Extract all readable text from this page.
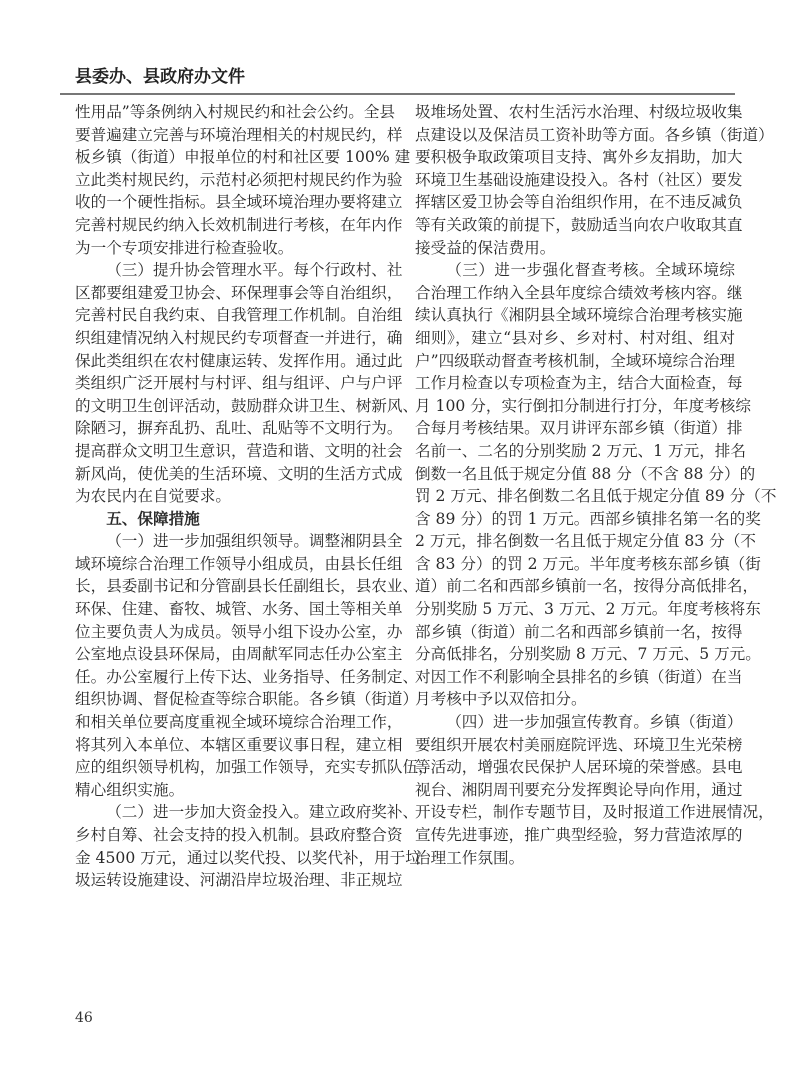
县委办、县政府办文件
性用品”等条例纳入村规民约和社会公约。全县
要普遍建立完善与环境治理相关的村规民约，样
板乡镇（街道）申报单位的村和社区要 100% 建
立此类村规民约，示范村必须把村规民约作为验
收的一个硬性指标。县全域环境治理办要将建立
完善村规民约纳入长效机制进行考核，在年内作
为一个专项安排进行检查验收。
（三）提升协会管理水平。每个行政村、社
区都要组建爱卫协会、环保理事会等自治组织，
完善村民自我约束、自我管理工作机制。自治组
织组建情况纳入村规民约专项督查一并进行，确
保此类组织在农村健康运转、发挥作用。通过此
类组织广泛开展村与村评、组与组评、户与户评
的文明卫生创评活动，鼓励群众讲卫生、树新风、
除陋习，摒弃乱扔、乱吐、乱贴等不文明行为。
提高群众文明卫生意识，营造和谐、文明的社会
新风尚，使优美的生活环境、文明的生活方式成
为农民内在自觉要求。
五、保障措施
（一）进一步加强组织领导。调整湘阴县全
域环境综合治理工作领导小组成员，由县长任组
长，县委副书记和分管副县长任副组长，县农业、
环保、住建、畜牧、城管、水务、国土等相关单
位主要负责人为成员。领导小组下设办公室，办
公室地点设县环保局，由周献军同志任办公室主
任。办公室履行上传下达、业务指导、任务制定、
组织协调、督促检查等综合职能。各乡镇（街道）
和相关单位要高度重视全域环境综合治理工作，
将其列入本单位、本辖区重要议事日程，建立相
应的组织领导机构，加强工作领导，充实专抓队伍，
精心组织实施。
（二）进一步加大资金投入。建立政府奖补、
乡村自筹、社会支持的投入机制。县政府整合资
金 4500 万元，通过以奖代投、以奖代补，用于垃
圾运转设施建设、河湖沿岸垃圾治理、非正规垃
圾堆场处置、农村生活污水治理、村级垃圾收集
点建设以及保洁员工资补助等方面。各乡镇（街道）
要积极争取政策项目支持、寓外乡友捐助，加大
环境卫生基础设施建设投入。各村（社区）要发
挥辖区爱卫协会等自治组织作用，在不违反减负
等有关政策的前提下，鼓励适当向农户收取其直
接受益的保洁费用。
（三）进一步强化督查考核。全域环境综
合治理工作纳入全县年度综合绩效考核内容。继
续认真执行《湘阴县全域环境综合治理考核实施
细则》，建立“县对乡、乡对村、村对组、组对
户”四级联动督查考核机制，全域环境综合治理
工作月检查以专项检查为主，结合大面检查，每
月 100 分，实行倒扣分制进行打分，年度考核综
合每月考核结果。双月讲评东部乡镇（街道）排
名前一、二名的分别奖励 2 万元、1 万元，排名
倒数一名且低于规定分值 88 分（不含 88 分）的
罚 2 万元、排名倒数二名且低于规定分值 89 分（不
含 89 分）的罚 1 万元。西部乡镇排名第一名的奖
2 万元，排名倒数一名且低于规定分值 83 分（不
含 83 分）的罚 2 万元。半年度考核东部乡镇（街
道）前二名和西部乡镇前一名，按得分高低排名，
分别奖励 5 万元、3 万元、2 万元。年度考核将东
部乡镇（街道）前二名和西部乡镇前一名，按得
分高低排名，分别奖励 8 万元、7 万元、5 万元。
对因工作不利影响全县排名的乡镇（街道）在当
月考核中予以双倍扣分。
（四）进一步加强宣传教育。乡镇（街道）
要组织开展农村美丽庭院评选、环境卫生光荣榜
等活动，增强农民保护人居环境的荣誉感。县电
视台、湘阴周刊要充分发挥舆论导向作用，通过
开设专栏，制作专题节目，及时报道工作进展情况，
宣传先进事迹，推广典型经验，努力营造浓厚的
治理工作氛围。
46
